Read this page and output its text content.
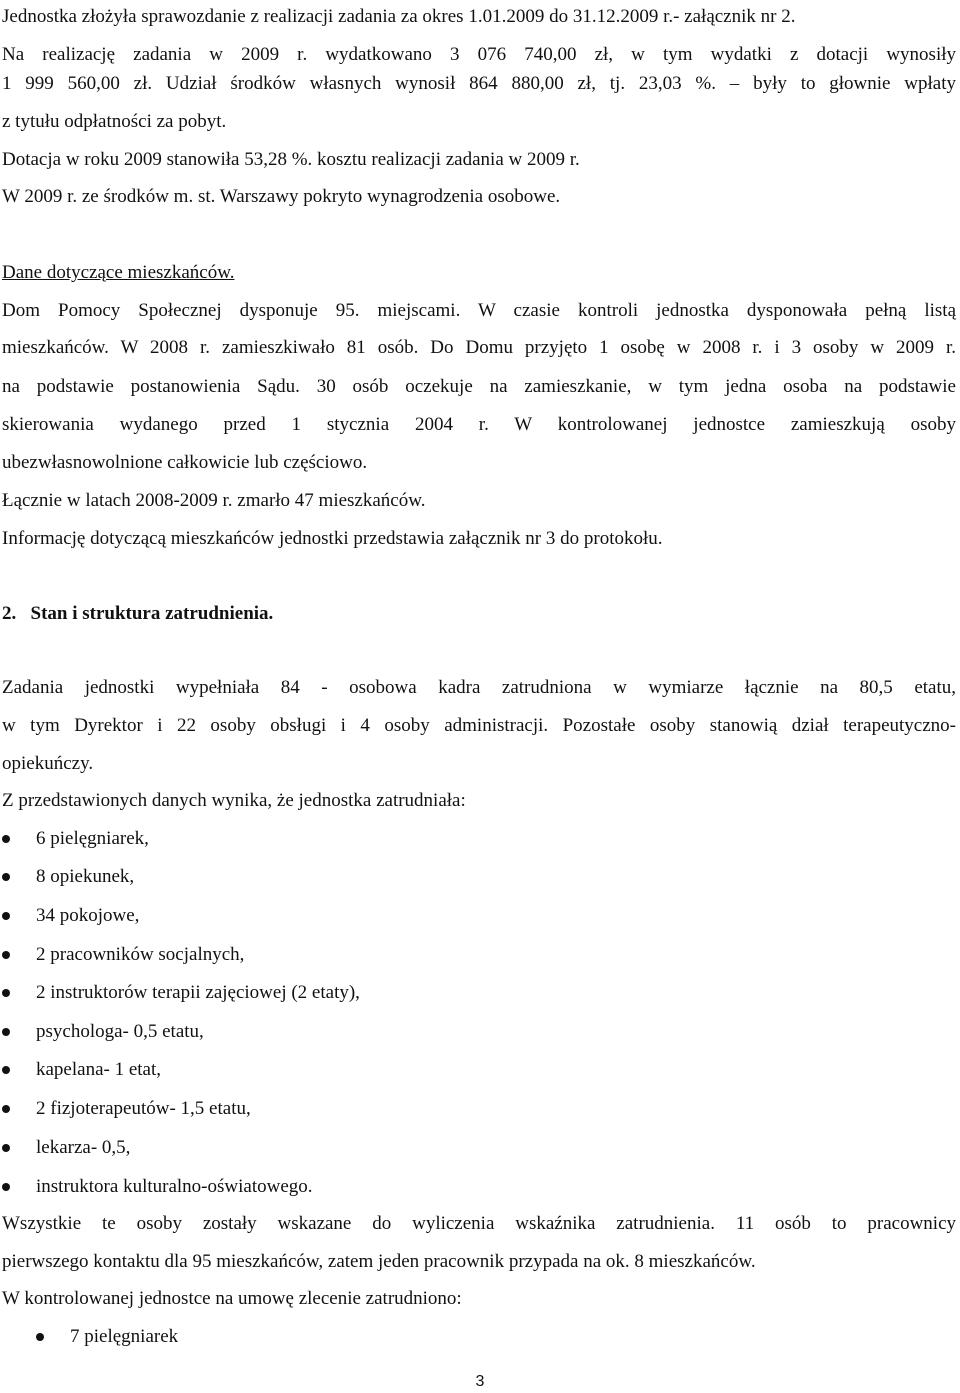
Jednostka złożyła sprawozdanie z realizacji zadania za okres 1.01.2009 do 31.12.2009 r.- załącznik nr 2.
Na realizację zadania w 2009 r. wydatkowano 3 076 740,00 zł, w tym wydatki z dotacji wynosiły
1 999 560,00 zł. Udział środków własnych wynosił 864 880,00 zł, tj. 23,03 %. – były to głownie wpłaty
z tytułu odpłatności za pobyt.
Dotacja w roku 2009 stanowiła 53,28 %. kosztu realizacji zadania w 2009 r.
W 2009 r. ze środków m. st. Warszawy pokryto wynagrodzenia osobowe.
Dane dotyczące mieszkańców.
Dom Pomocy Społecznej dysponuje 95. miejscami. W czasie kontroli jednostka dysponowała pełną listą
mieszkańców. W 2008 r. zamieszkiwało 81 osób. Do Domu przyjęto 1 osobę w 2008 r. i 3 osoby w 2009 r.
na podstawie postanowienia Sądu. 30 osób oczekuje na zamieszkanie, w tym jedna osoba na podstawie
skierowania wydanego przed 1 stycznia 2004 r. W kontrolowanej jednostce zamieszkują osoby
ubezwłasnowolnione całkowicie lub częściowo.
Łącznie w latach 2008-2009 r. zmarło 47 mieszkańców.
Informację dotyczącą mieszkańców jednostki przedstawia załącznik nr 3 do protokołu.
2.   Stan i struktura zatrudnienia.
Zadania jednostki wypełniała 84 - osobowa kadra zatrudniona w wymiarze łącznie na 80,5 etatu,
w tym Dyrektor i 22 osoby obsługi i 4 osoby administracji. Pozostałe osoby stanowią dział terapeutyczno-
opiekuńczy.
Z przedstawionych danych wynika, że jednostka zatrudniała:
6 pielęgniarek,
8 opiekunek,
34 pokojowe,
2 pracowników socjalnych,
2 instruktorów terapii zajęciowej (2 etaty),
psychologa- 0,5 etatu,
kapelana- 1 etat,
2 fizjoterapeutów- 1,5 etatu,
lekarza- 0,5,
instruktora kulturalno-oświatowego.
Wszystkie te osoby zostały wskazane do wyliczenia wskaźnika zatrudnienia. 11 osób to pracownicy
pierwszego kontaktu dla 95 mieszkańców, zatem jeden pracownik przypada na ok. 8 mieszkańców.
W kontrolowanej jednostce na umowę zlecenie zatrudniono:
7 pielęgniarek
3
